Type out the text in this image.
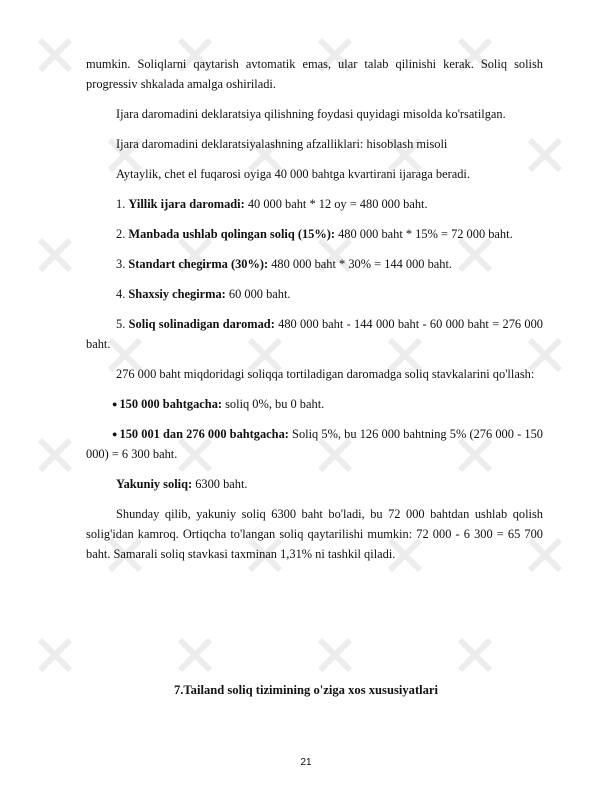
mumkin. Soliqlarni qaytarish avtomatik emas, ular talab qilinishi kerak. Soliq solish progressiv shkalada amalga oshiriladi.

Ijara daromadini deklaratsiya qilishning foydasi quyidagi misolda ko'rsatilgan.

Ijara daromadini deklaratsiyalashning afzalliklari: hisoblash misoli

Aytaylik, chet el fuqarosi oyiga 40 000 bahtga kvartirani ijaraga beradi.

1. Yillik ijara daromadi: 40 000 baht * 12 oy = 480 000 baht.

2. Manbada ushlab qolingan soliq (15%): 480 000 baht * 15% = 72 000 baht.

3. Standart chegirma (30%): 480 000 baht * 30% = 144 000 baht.

4. Shaxsiy chegirma: 60 000 baht.

5. Soliq solinadigan daromad: 480 000 baht - 144 000 baht - 60 000 baht = 276 000 baht.

276 000 baht miqdoridagi soliqqa tortiladigan daromadga soliq stavkalarini qo'llash:

● 150 000 bahtgacha: soliq 0%, bu 0 baht.

● 150 001 dan 276 000 bahtgacha: Soliq 5%, bu 126 000 bahtning 5% (276 000 - 150 000) = 6 300 baht.

Yakuniy soliq: 6300 baht.

Shunday qilib, yakuniy soliq 6300 baht bo'ladi, bu 72 000 bahtdan ushlab qolish solig'idan kamroq. Ortiqcha to'langan soliq qaytarilishi mumkin: 72 000 - 6 300 = 65 700 baht. Samarali soliq stavkasi taxminan 1,31% ni tashkil qiladi.

7.Tailand soliq tizimining o'ziga xos xususiyatlari
21
